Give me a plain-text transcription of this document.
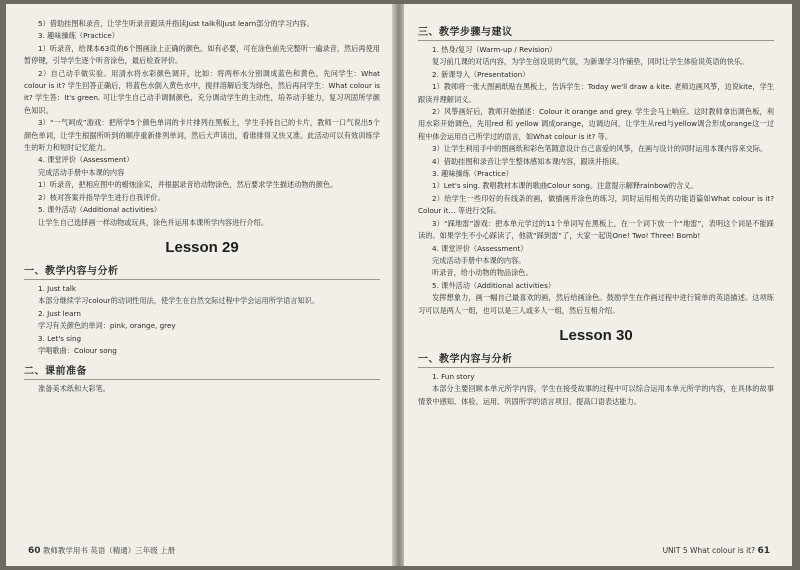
5）借助挂图和录音，让学生听录音跟读并指读Just talk和Just learn部分的学习内容。

3. 趣味操练（Practice）

1）听录音，给课本63页的6个图画涂上正确的颜色。如有必要，可在涂色前先完整听一遍录音，然后再使用暂停键，引导学生逐个听音涂色，最后检查评价。

2）自己动手做实验。用清水将水彩颜色调开，比如：将两杯水分别调成蓝色和黄色，先问学生：What colour is it? 学生回答正确后，将蓝色水倒入黄色水中，搅拌溶解后变为绿色，然后再问学生：What colour is it? 学生答：It's green. 可让学生自己动手调制颜色，充分调动学生的主动性，培养动手能力，复习巩固所学颜色知识。

3）“一气呵成”游戏：把所学5个颜色单词的卡片排列在黑板上，学生手持自己的卡片，教师一口气说出5个颜色单词，让学生根据所听到的顺序重新排列单词，然后大声读出，看谁排得又快又准。此活动可以有效训练学生的听力和短时记忆能力。

4. 课堂评价（Assessment）

完成活动手册中本课的内容

1）听录音，把相应图中的蜡烛涂实，并根据录音给动物涂色，然后要求学生描述动物的颜色。

2）核对答案并指导学生进行自我评价。

5. 课外活动（Additional activities）

让学生自己选择画一样动物或玩具，涂色并运用本课所学内容进行介绍。

Lesson 29
一、教学内容与分析

1. Just talk

本部分继续学习colour的动词性用法，使学生在自然交际过程中学会运用所学语言知识。

2. Just learn

学习有关颜色的单词：pink, orange, grey

3. Let's sing

学唱歌曲：Colour song

二、课前准备

准备美术纸和大彩笔。

60 教师教学用书 英语（精通）三年级 上册
三、教学步骤与建议

1. 热身/复习（Warm-up / Revision）

复习前几课的对话内容，为学生创设说的气氛，为新课学习作铺垫，同时让学生体验说英语的快乐。

2. 新课导入（Presentation）

1）教师将一张大图画纸贴在黑板上，告诉学生：Today we'll draw a kite. 老师边画风筝，边说kite，学生跟读并理解词义。

2）风筝画好后，教师开始描述：Colour it orange and grey. 学生会马上响应。这时教师拿出调色板，利用水彩开始调色，先用red 和 yellow 调成orange，边调边问，让学生从red与yellow调合形成orange这一过程中体会运用自己所学过的语言，如What colour is it? 等。

3）让学生利用手中的图画纸和彩色笔随意设计自己喜爱的风筝，在画与设计的同时运用本课内容来交际。

4）借助挂图和录音让学生整体感知本课内容，跟读并指读。

3. 趣味操练（Practice）

1）Let's sing. 教唱教材本课的歌曲Colour song。注意提示解释rainbow的含义。

2）给学生一些印好的有线条的画，做描画并涂色的练习，同时运用相关的功能语篇如What colour is it? Colour it… 等进行交际。

3）“踩地雷”游戏：把本单元学过的11个单词写在黑板上，在一个词下放一个“地雷”，表明这个词是不能踩读的。如果学生不小心踩读了，他就“踩到雷”了，大家一起说One! Two! Three! Bomb!

4. 课堂评价（Assessment）

完成活动手册中本课的内容。

听录音，给小动物的物品涂色。

5. 课外活动（Additional activities）

发挥想象力，画一幅自己最喜欢的画，然后给画涂色。鼓励学生在作画过程中进行简单的英语描述。这项练习可以是两人一组，也可以是三人或多人一组，然后互相介绍。

Lesson 30
一、教学内容与分析

1. Fun story

本部分主要回顾本单元所学内容，学生在接受故事的过程中可以综合运用本单元所学的内容，在具体的故事情景中感知、体验、运用、巩固所学的语言项目，提高口语表达能力。

UNIT 5 What colour is it? 61
